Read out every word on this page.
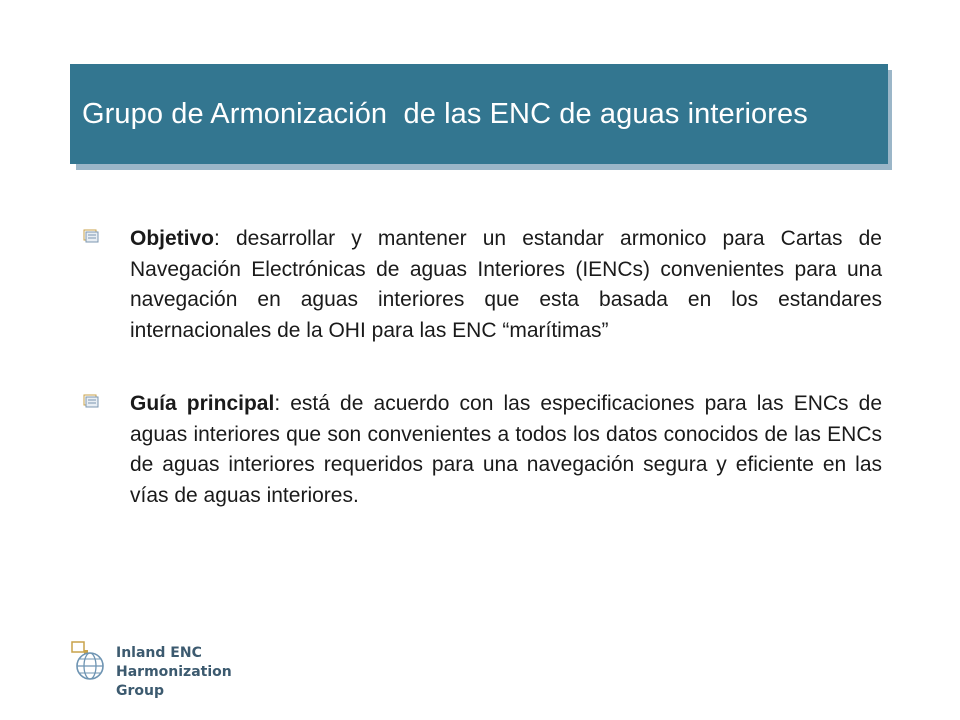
Grupo de Armonización  de las ENC de aguas interiores

Objetivo: desarrollar y mantener un estandar armonico para Cartas de Navegación Electrónicas de aguas Interiores (IENCs) convenientes para una navegación en aguas interiores que esta basada en los estandares internacionales de la OHI para las ENC “marítimas”

Guía principal: está de acuerdo con las especificaciones para las ENCs de aguas interiores que son convenientes a todos los datos conocidos de las ENCs de aguas interiores requeridos para una navegación segura y eficiente en las vías de aguas interiores.

Inland ENC
Harmonization Group
